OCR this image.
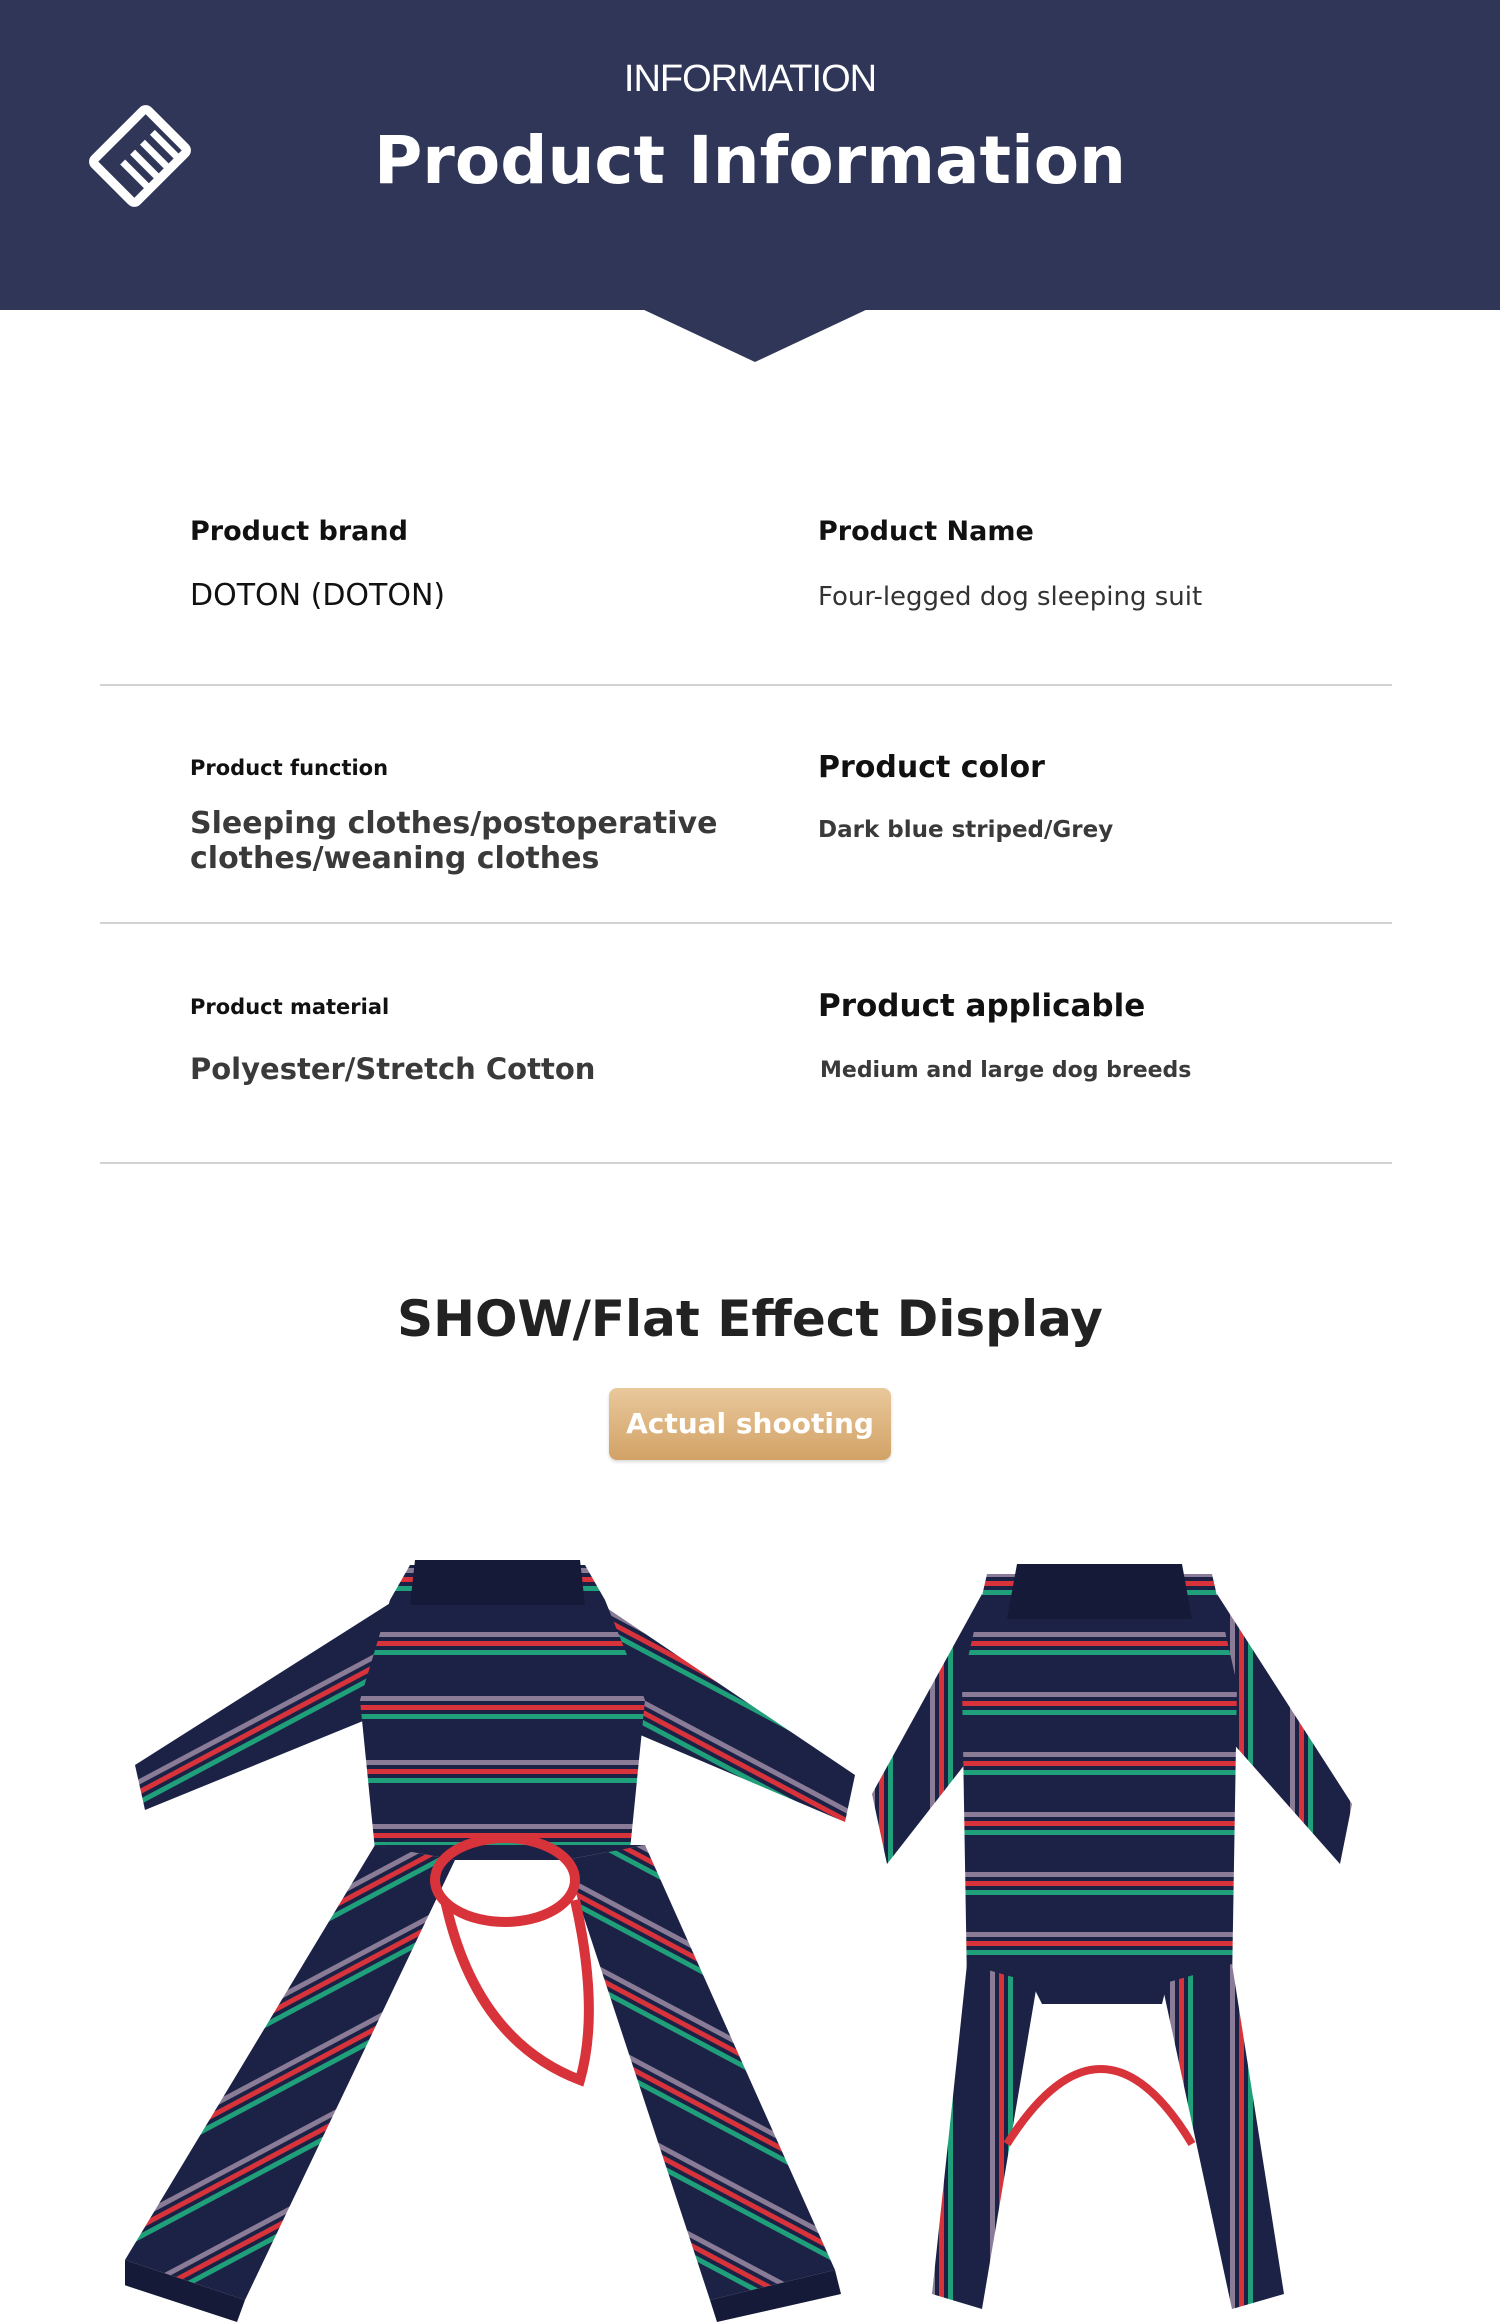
INFORMATION
Product Information
Product brand
DOTON (DOTON)
Product Name
Four-legged dog sleeping suit
Product function
Sleeping clothes/postoperative
clothes/weaning clothes
Product color
Dark blue striped/Grey
Product material
Polyester/Stretch Cotton
Product applicable
Medium and large dog breeds
SHOW/Flat Effect Display
Actual shooting
